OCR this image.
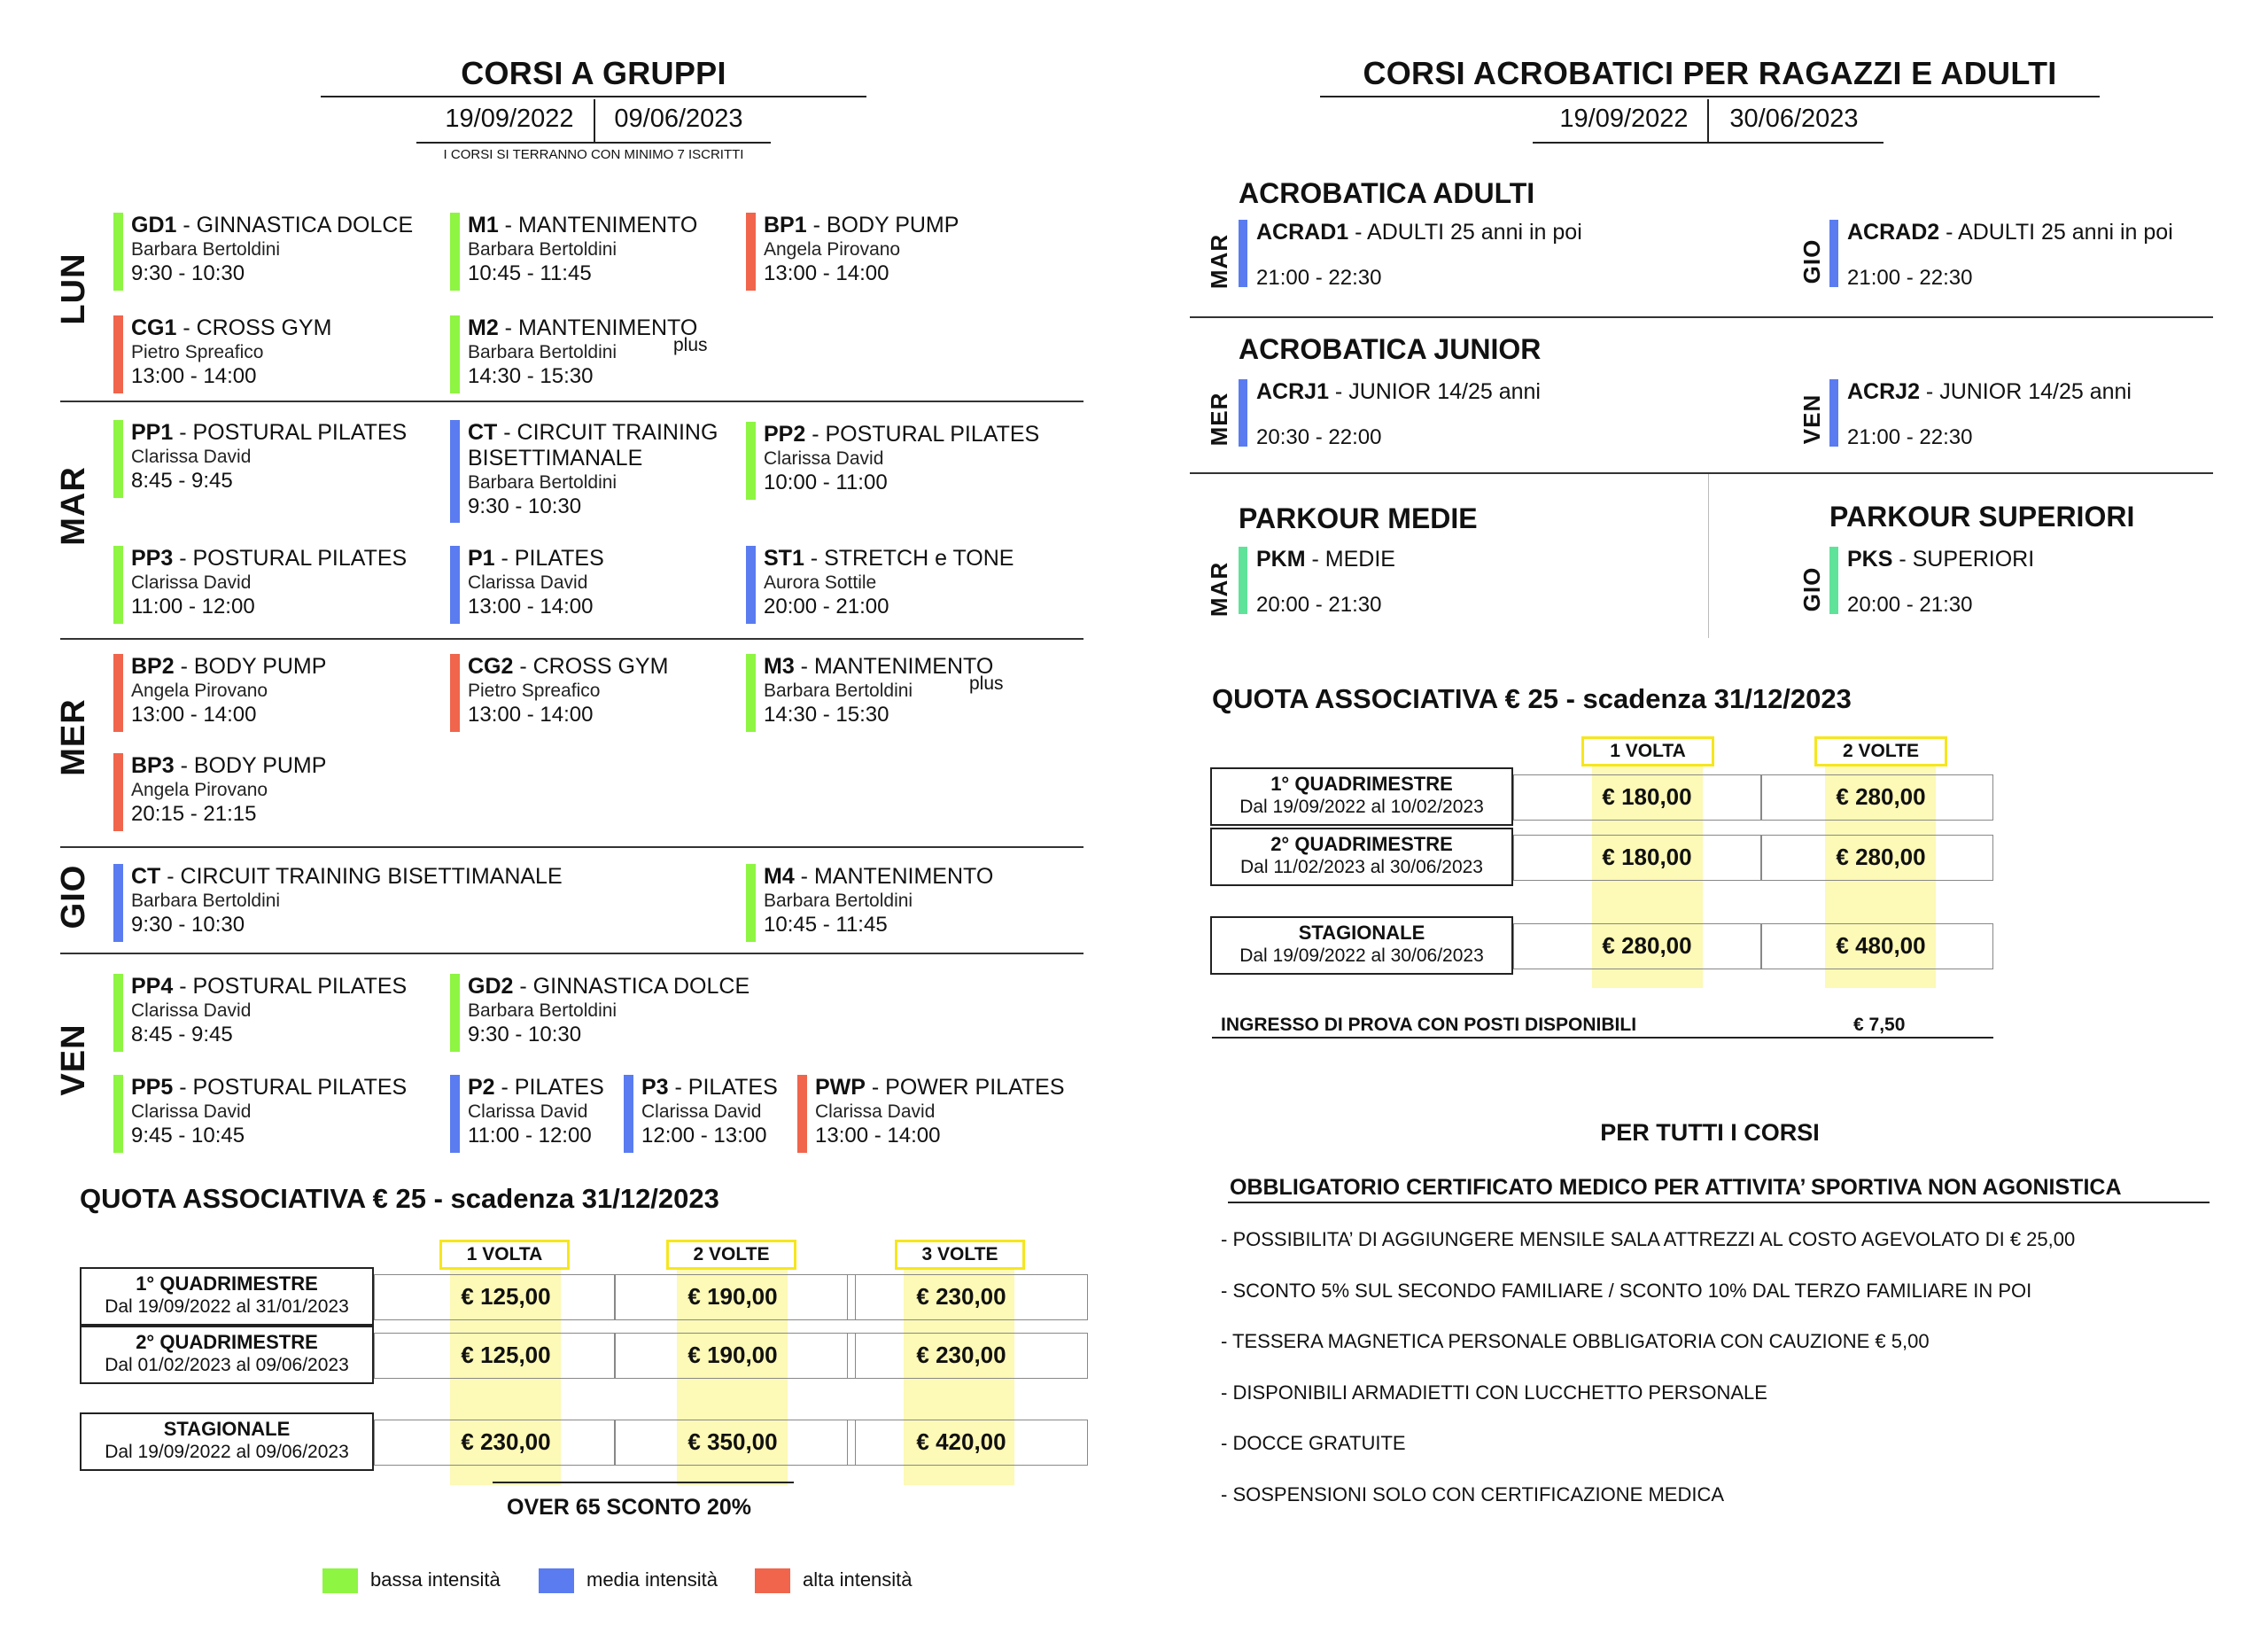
CORSI A GRUPPI
19/09/2022	09/06/2023
I CORSI SI TERRANNO CON MINIMO 7 ISCRITTI
LUN
MAR
MER
GIO
VEN
GD1 - GINNASTICA DOLCE
Barbara Bertoldini
9:30 - 10:30
M1 - MANTENIMENTO
Barbara Bertoldini
10:45 - 11:45
BP1 - BODY PUMP
Angela Pirovano
13:00 - 14:00
CG1 - CROSS GYM
Pietro Spreafico
13:00 - 14:00
M2 - MANTENIMENTO
Barbara Bertoldini
14:30 - 15:30
plus
PP1 - POSTURAL PILATES
Clarissa David
8:45 - 9:45
CT - CIRCUIT TRAINING
BISETTIMANALE
Barbara Bertoldini
9:30 - 10:30
PP2 - POSTURAL PILATES
Clarissa David
10:00 - 11:00
PP3 - POSTURAL PILATES
Clarissa David
11:00 - 12:00
P1 - PILATES
Clarissa David
13:00 - 14:00
ST1 - STRETCH e TONE
Aurora Sottile
20:00 - 21:00
BP2 - BODY PUMP
Angela Pirovano
13:00 - 14:00
CG2 - CROSS GYM
Pietro Spreafico
13:00 - 14:00
M3 - MANTENIMENTO
Barbara Bertoldini
14:30 - 15:30
plus
BP3 - BODY PUMP
Angela Pirovano
20:15 - 21:15
CT - CIRCUIT TRAINING BISETTIMANALE
Barbara Bertoldini
9:30 - 10:30
M4 - MANTENIMENTO
Barbara Bertoldini
10:45 - 11:45
PP4 - POSTURAL PILATES
Clarissa David
8:45 - 9:45
GD2 - GINNASTICA DOLCE
Barbara Bertoldini
9:30 - 10:30
PP5 - POSTURAL PILATES
Clarissa David
9:45 - 10:45
P2 - PILATES
Clarissa David
11:00 - 12:00
P3 - PILATES
Clarissa David
12:00 - 13:00
PWP - POWER PILATES
Clarissa David
13:00 - 14:00
QUOTA ASSOCIATIVA € 25 - scadenza 31/12/2023
1 VOLTA	2 VOLTE	3 VOLTE
1° QUADRIMESTRE
Dal 19/09/2022 al 31/01/2023	€ 125,00	€ 190,00	€ 230,00
2° QUADRIMESTRE
Dal 01/02/2023 al 09/06/2023	€ 125,00	€ 190,00	€ 230,00
STAGIONALE
Dal 19/09/2022 al 09/06/2023	€ 230,00	€ 350,00	€ 420,00
OVER 65 SCONTO 20%
bassa intensità	media intensità	alta intensità
CORSI ACROBATICI PER RAGAZZI E ADULTI
19/09/2022	30/06/2023
ACROBATICA ADULTI
ACROBATICA JUNIOR
PARKOUR MEDIE	PARKOUR SUPERIORI
MAR
ACRAD1 - ADULTI 25 anni in poi
21:00 - 22:30	GIO
ACRAD2 - ADULTI 25 anni in poi
21:00 - 22:30
MER
ACRJ1 - JUNIOR 14/25 anni
20:30 - 22:00	VEN
ACRJ2 - JUNIOR 14/25 anni
21:00 - 22:30
MAR
PKM - MEDIE
20:00 - 21:30	GIO
PKS - SUPERIORI
20:00 - 21:30
QUOTA ASSOCIATIVA € 25 - scadenza 31/12/2023
1 VOLTA	2 VOLTE
1° QUADRIMESTRE
Dal 19/09/2022 al 10/02/2023	€ 180,00	€ 280,00
2° QUADRIMESTRE
Dal 11/02/2023 al 30/06/2023	€ 180,00	€ 280,00
STAGIONALE
Dal 19/09/2022 al 30/06/2023	€ 280,00	€ 480,00
INGRESSO DI PROVA CON POSTI DISPONIBILI	€ 7,50
PER TUTTI I CORSI
OBBLIGATORIO CERTIFICATO MEDICO PER ATTIVITA’ SPORTIVA NON AGONISTICA
- POSSIBILITA’ DI AGGIUNGERE MENSILE SALA ATTREZZI AL COSTO AGEVOLATO DI € 25,00
- SCONTO 5% SUL SECONDO FAMILIARE / SCONTO 10% DAL TERZO FAMILIARE IN POI
- TESSERA MAGNETICA PERSONALE OBBLIGATORIA CON CAUZIONE € 5,00
- DISPONIBILI ARMADIETTI CON LUCCHETTO PERSONALE
- DOCCE GRATUITE
- SOSPENSIONI SOLO CON CERTIFICAZIONE MEDICA
